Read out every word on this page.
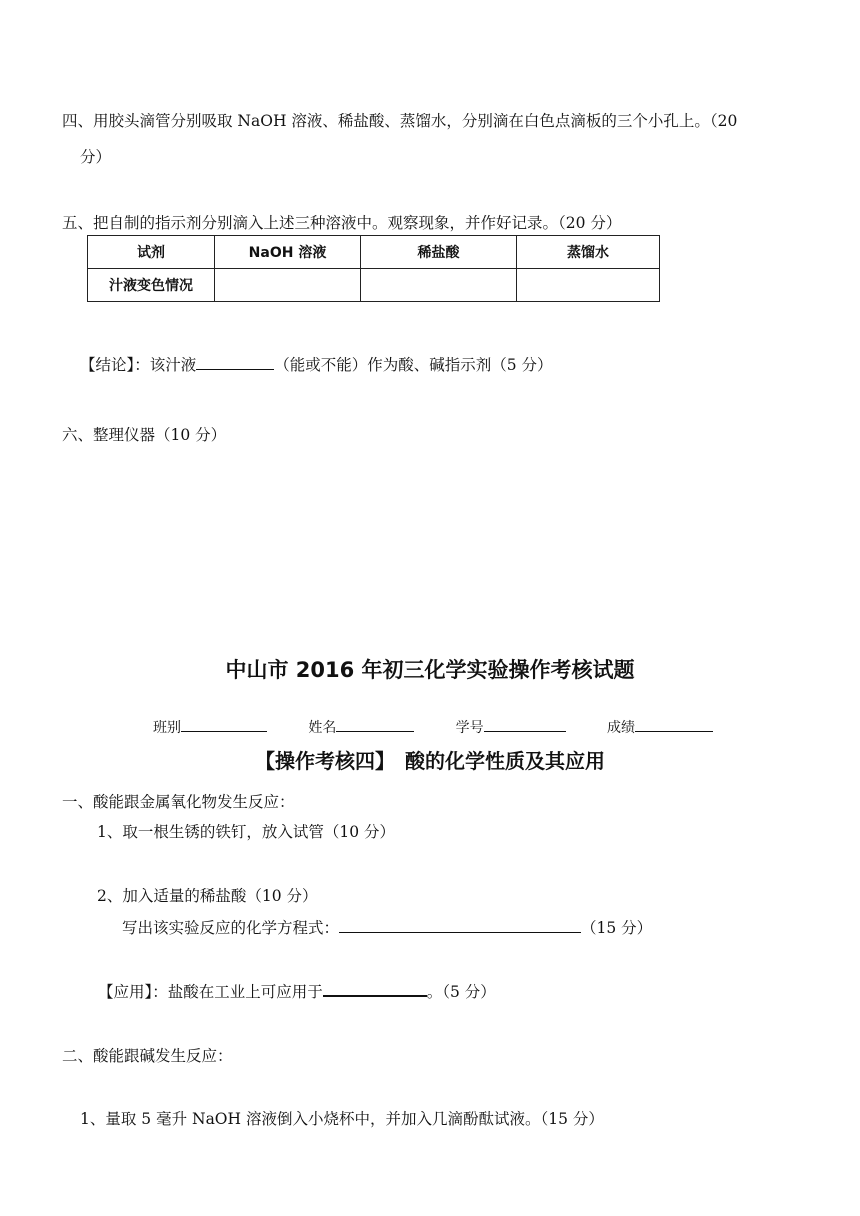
四、用胶头滴管分别吸取 NaOH 溶液、稀盐酸、蒸馏水，分别滴在白色点滴板的三个小孔上。（20
分）
五、把自制的指示剂分别滴入上述三种溶液中。观察现象，并作好记录。（20 分）
试剂	NaOH 溶液	稀盐酸	蒸馏水
汁液变色情况			
【结论】：该汁液	（能或不能）作为酸、碱指示剂（5 分）
六、整理仪器（10 分）
中山市 2016 年初三化学实验操作考核试题
班别	姓名	学号	成绩
【操作考核四】　酸的化学性质及其应用
一、酸能跟金属氧化物发生反应：
1、取一根生锈的铁钉，放入试管（10 分）
2、加入适量的稀盐酸（10 分）
写出该实验反应的化学方程式：	（15 分）
【应用】：盐酸在工业上可应用于	。（5 分）
二、酸能跟碱发生反应：
1、量取 5 毫升 NaOH 溶液倒入小烧杯中，并加入几滴酚酞试液。（15 分）
